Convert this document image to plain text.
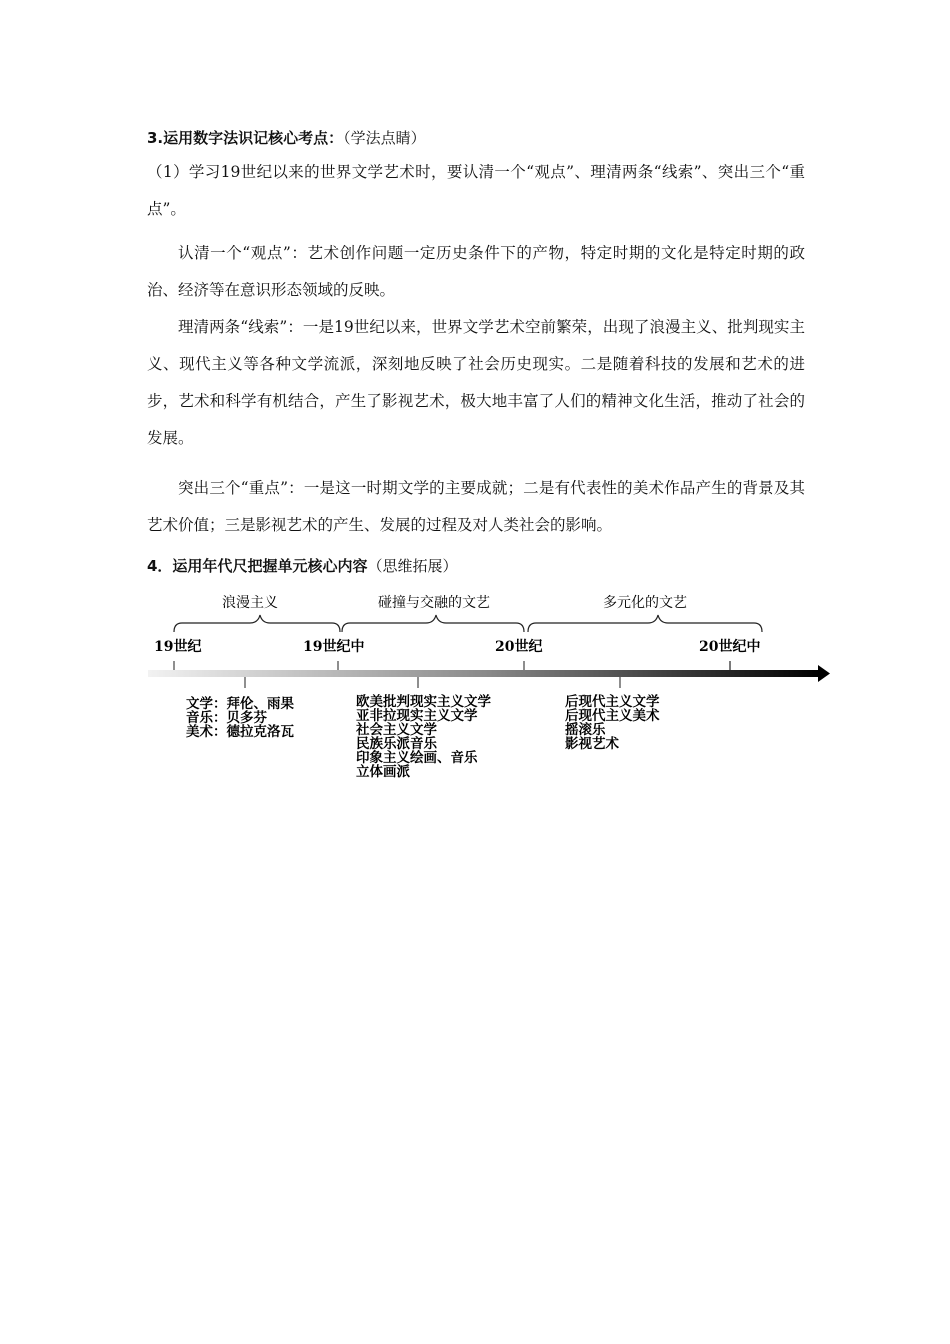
3.运用数字法识记核心考点：（学法点睛）

（1）学习19世纪以来的世界文学艺术时，要认清一个“观点”、理清两条“线索”、突出三个“重点”。

认清一个“观点”：艺术创作问题一定历史条件下的产物，特定时期的文化是特定时期的政治、经济等在意识形态领域的反映。

理清两条“线索”：一是19世纪以来，世界文学艺术空前繁荣，出现了浪漫主义、批判现实主义、现代主义等各种文学流派，深刻地反映了社会历史现实。二是随着科技的发展和艺术的进步，艺术和科学有机结合，产生了影视艺术，极大地丰富了人们的精神文化生活，推动了社会的发展。

突出三个“重点”：一是这一时期文学的主要成就；二是有代表性的美术作品产生的背景及其艺术价值；三是影视艺术的产生、发展的过程及对人类社会的影响。

4．运用年代尺把握单元核心内容（思维拓展）
浪漫主义	碰撞与交融的文艺	多元化的文艺
19世纪	19世纪中	20世纪	20世纪中
文学：拜伦、雨果
音乐：贝多芬
美术：德拉克洛瓦
欧美批判现实主义文学
亚非拉现实主义文学
社会主义文学
民族乐派音乐
印象主义绘画、音乐
立体画派
后现代主义文学
后现代主义美术
摇滚乐
影视艺术
